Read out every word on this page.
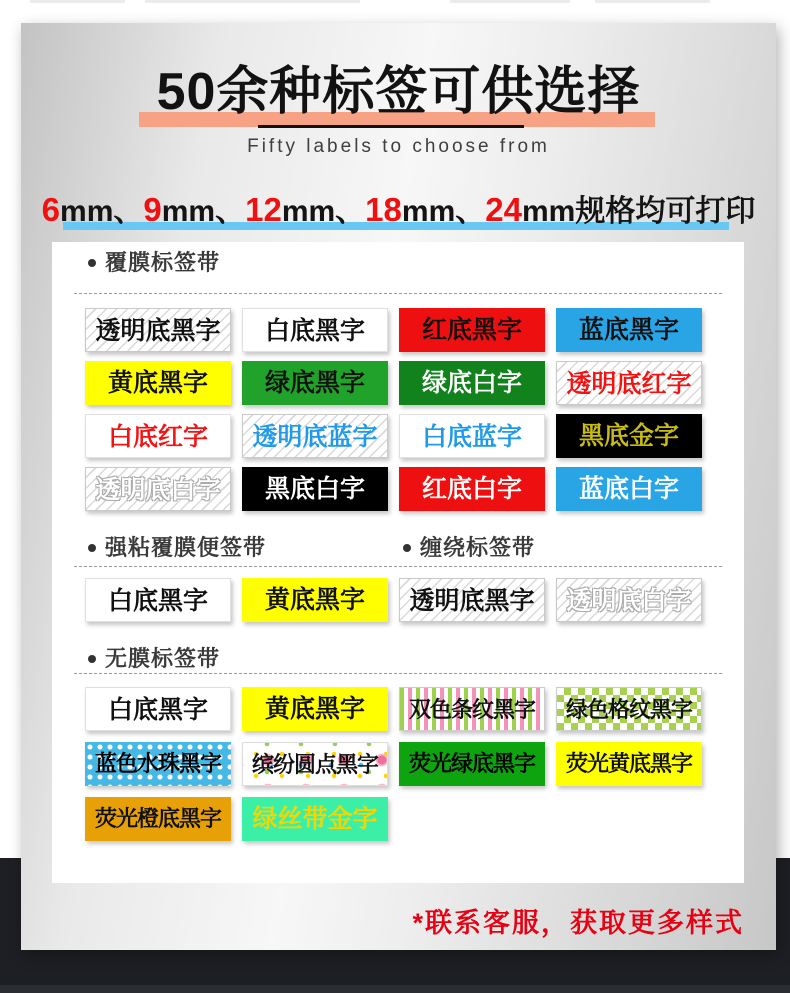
50余种标签可供选择
Fifty labels to choose from
6mm、9mm、12mm、18mm、24mm规格均可打印
覆膜标签带
透明底黑字	白底黑字	红底黑字	蓝底黑字
黄底黑字	绿底黑字	绿底白字	透明底红字
白底红字	透明底蓝字	白底蓝字	黑底金字
透明底白字	黑底白字	红底白字	蓝底白字
强粘覆膜便签带	缠绕标签带
白底黑字	黄底黑字	透明底黑字	透明底白字
无膜标签带
白底黑字	黄底黑字	双色条纹黑字	绿色格纹黑字
蓝色水珠黑字	缤纷圆点黑字	荧光绿底黑字	荧光黄底黑字
荧光橙底黑字	绿丝带金字
*联系客服，获取更多样式
